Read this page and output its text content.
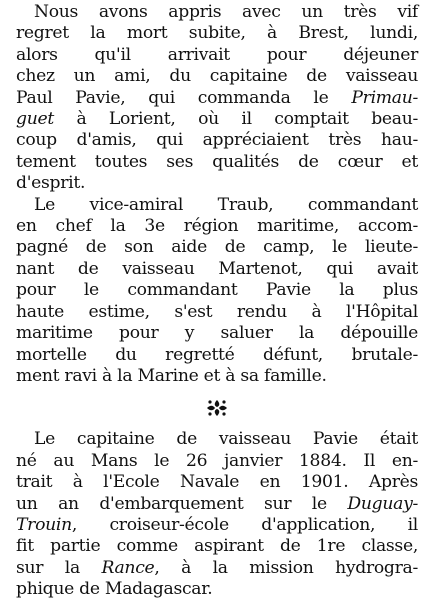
Nous avons appris avec un très vif
regret la mort subite, à Brest, lundi,
alors qu'il arrivait pour déjeuner
chez un ami, du capitaine de vaisseau
Paul Pavie, qui commanda le Primau-
guet à Lorient, où il comptait beau-
coup d'amis, qui appréciaient très hau-
tement toutes ses qualités de cœur et
d'esprit.

Le vice-amiral Traub, commandant
en chef la 3e région maritime, accom-
pagné de son aide de camp, le lieute-
nant de vaisseau Martenot, qui avait
pour le commandant Pavie la plus
haute estime, s'est rendu à l'Hôpital
maritime pour y saluer la dépouille
mortelle du regretté défunt, brutale-
ment ravi à la Marine et à sa famille.

Le capitaine de vaisseau Pavie était
né au Mans le 26 janvier 1884. Il en-
trait à l'Ecole Navale en 1901. Après
un an d'embarquement sur le Duguay-
Trouin, croiseur-école d'application, il
fit partie comme aspirant de 1re classe,
sur la Rance, à la mission hydrogra-
phique de Madagascar.
